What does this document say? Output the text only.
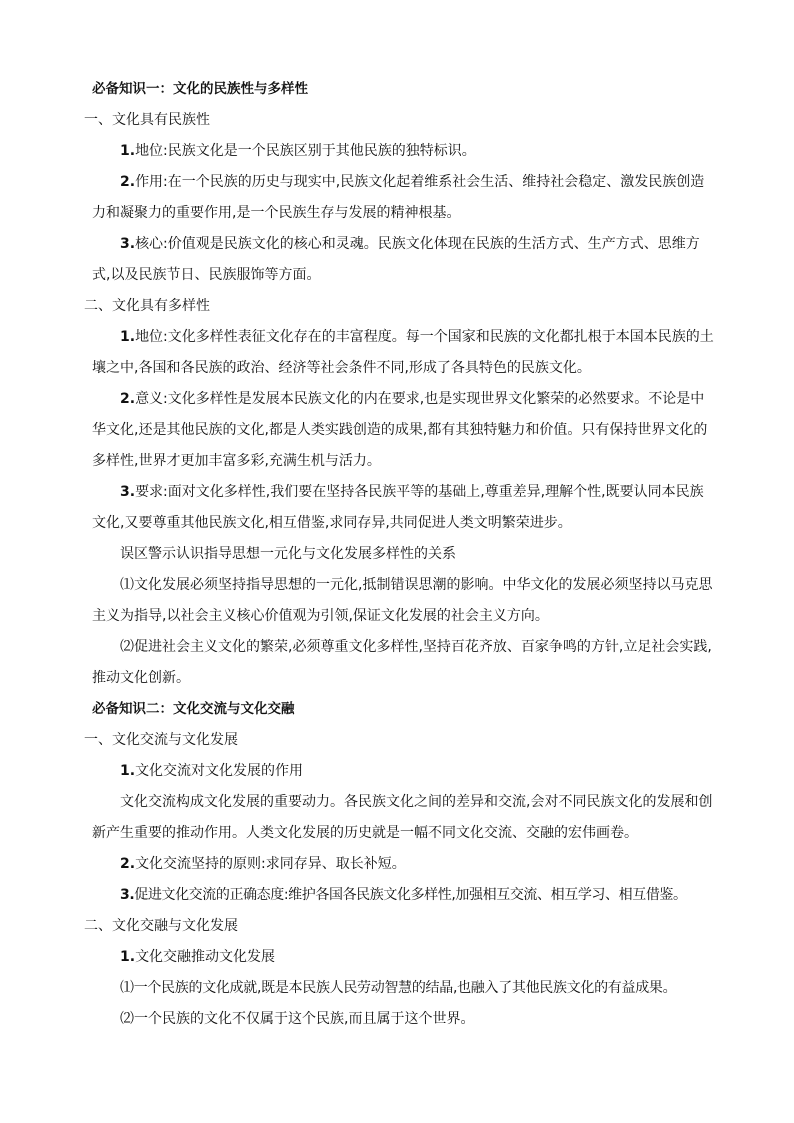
必备知识一：文化的民族性与多样性

一、文化具有民族性

1.地位:民族文化是一个民族区别于其他民族的独特标识。

2.作用:在一个民族的历史与现实中,民族文化起着维系社会生活、维持社会稳定、激发民族创造力和凝聚力的重要作用,是一个民族生存与发展的精神根基。

3.核心:价值观是民族文化的核心和灵魂。民族文化体现在民族的生活方式、生产方式、思维方式,以及民族节日、民族服饰等方面。

二、文化具有多样性

1.地位:文化多样性表征文化存在的丰富程度。每一个国家和民族的文化都扎根于本国本民族的土壤之中,各国和各民族的政治、经济等社会条件不同,形成了各具特色的民族文化。

2.意义:文化多样性是发展本民族文化的内在要求,也是实现世界文化繁荣的必然要求。不论是中华文化,还是其他民族的文化,都是人类实践创造的成果,都有其独特魅力和价值。只有保持世界文化的多样性,世界才更加丰富多彩,充满生机与活力。

3.要求:面对文化多样性,我们要在坚持各民族平等的基础上,尊重差异,理解个性,既要认同本民族文化,又要尊重其他民族文化,相互借鉴,求同存异,共同促进人类文明繁荣进步。

误区警示认识指导思想一元化与文化发展多样性的关系

⑴文化发展必须坚持指导思想的一元化,抵制错误思潮的影响。中华文化的发展必须坚持以马克思主义为指导,以社会主义核心价值观为引领,保证文化发展的社会主义方向。

⑵促进社会主义文化的繁荣,必须尊重文化多样性,坚持百花齐放、百家争鸣的方针,立足社会实践,推动文化创新。

必备知识二：文化交流与文化交融

一、文化交流与文化发展

1.文化交流对文化发展的作用

文化交流构成文化发展的重要动力。各民族文化之间的差异和交流,会对不同民族文化的发展和创新产生重要的推动作用。人类文化发展的历史就是一幅不同文化交流、交融的宏伟画卷。

2.文化交流坚持的原则:求同存异、取长补短。

3.促进文化交流的正确态度:维护各国各民族文化多样性,加强相互交流、相互学习、相互借鉴。

二、文化交融与文化发展

1.文化交融推动文化发展

⑴一个民族的文化成就,既是本民族人民劳动智慧的结晶,也融入了其他民族文化的有益成果。

⑵一个民族的文化不仅属于这个民族,而且属于这个世界。
